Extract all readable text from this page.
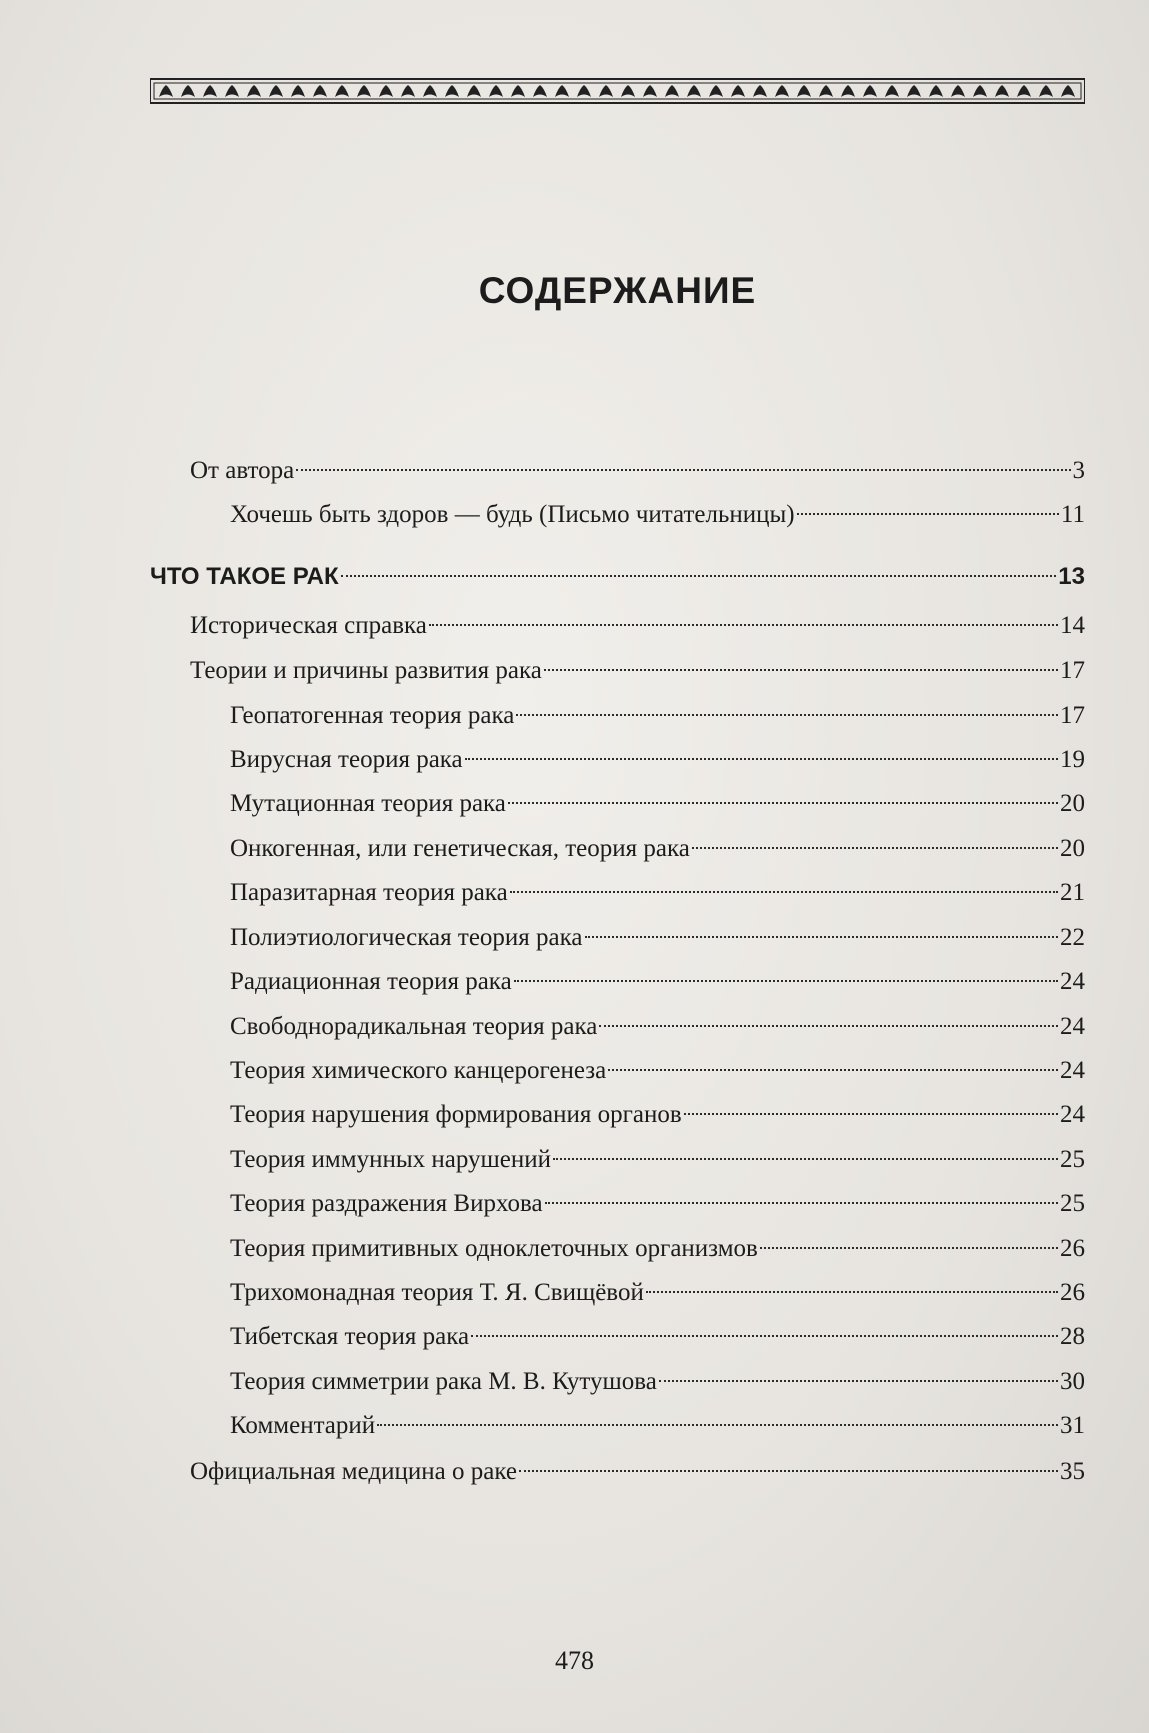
СОДЕРЖАНИЕ
От автора	3
Хочешь быть здоров — будь (Письмо читательницы)	11
ЧТО ТАКОЕ РАК	13
Историческая справка	14
Теории и причины развития рака	17
Геопатогенная теория рака	17
Вирусная теория рака	19
Мутационная теория рака	20
Онкогенная, или генетическая, теория рака	20
Паразитарная теория рака	21
Полиэтиологическая теория рака	22
Радиационная теория рака	24
Свободнорадикальная теория рака	24
Теория химического канцерогенеза	24
Теория нарушения формирования органов	24
Теория иммунных нарушений	25
Теория раздражения Вирхова	25
Теория примитивных одноклеточных организмов	26
Трихомонадная теория Т. Я. Свищёвой	26
Тибетская теория рака	28
Теория симметрии рака М. В. Кутушова	30
Комментарий	31
Официальная медицина о раке	35
478
